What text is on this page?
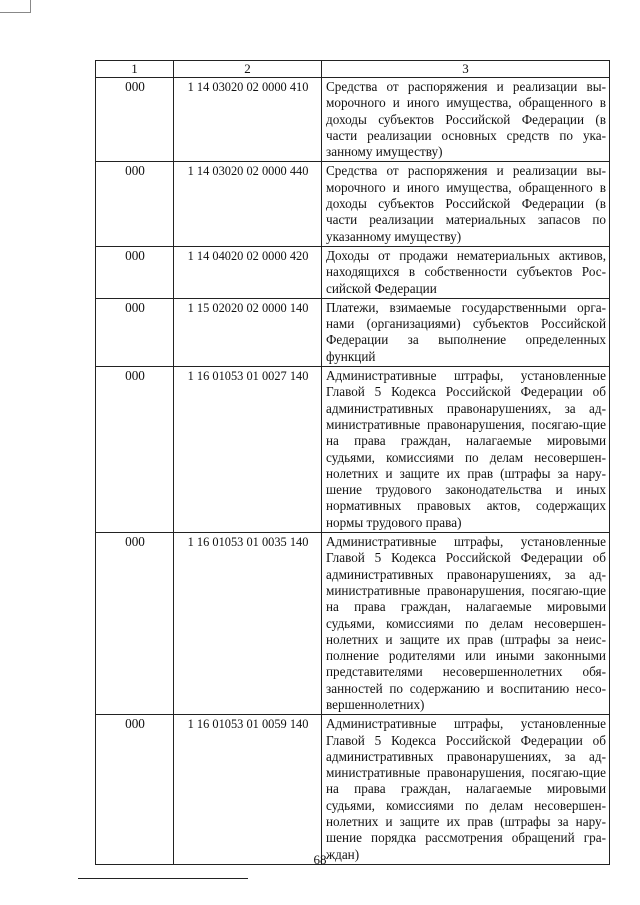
1	2	3
000	1 14 03020 02 0000 410	Средства от распоряжения и реализации вы-морочного и иного имущества, обращенного в доходы субъектов Российской Федерации (в части реализации основных средств по ука-занному имуществу)
000	1 14 03020 02 0000 440	Средства от распоряжения и реализации вы-морочного и иного имущества, обращенного в доходы субъектов Российской Федерации (в части реализации материальных запасов по указанному имуществу)
000	1 14 04020 02 0000 420	Доходы от продажи нематериальных активов, находящихся в собственности субъектов Рос-сийской Федерации
000	1 15 02020 02 0000 140	Платежи, взимаемые государственными орга-нами (организациями) субъектов Российской Федерации за выполнение определенных функций
000	1 16 01053 01 0027 140	Административные штрафы, установленные Главой 5 Кодекса Российской Федерации об административных правонарушениях, за ад-министративные правонарушения, посягаю-щие на права граждан, налагаемые мировыми судьями, комиссиями по делам несовершен-нолетних и защите их прав (штрафы за нару-шение трудового законодательства и иных нормативных правовых актов, содержащих нормы трудового права)
000	1 16 01053 01 0035 140	Административные штрафы, установленные Главой 5 Кодекса Российской Федерации об административных правонарушениях, за ад-министративные правонарушения, посягаю-щие на права граждан, налагаемые мировыми судьями, комиссиями по делам несовершен-нолетних и защите их прав (штрафы за неис-полнение родителями или иными законными представителями несовершеннолетних обя-занностей по содержанию и воспитанию несо-вершеннолетних)
000	1 16 01053 01 0059 140	Административные штрафы, установленные Главой 5 Кодекса Российской Федерации об административных правонарушениях, за ад-министративные правонарушения, посягаю-щие на права граждан, налагаемые мировыми судьями, комиссиями по делам несовершен-нолетних и защите их прав (штрафы за нару-шение порядка рассмотрения обращений гра-ждан)
68
